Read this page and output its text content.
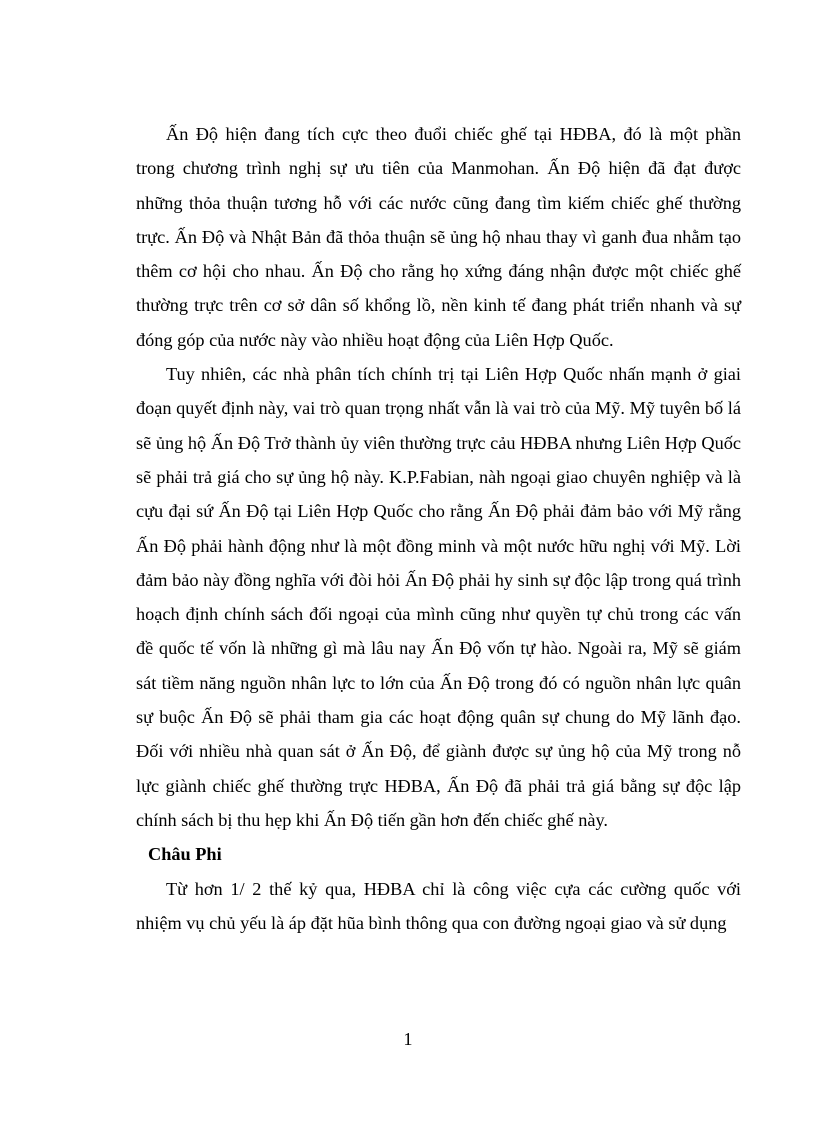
Ấn Độ hiện đang tích cực theo đuổi chiếc ghế tại HĐBA, đó là một phần trong chương trình nghị sự ưu tiên của Manmohan. Ấn Độ hiện đã đạt được những thỏa thuận tương hỗ với các nước cũng đang tìm kiếm chiếc ghế thường trực. Ấn Độ và Nhật Bản đã thỏa thuận sẽ ủng hộ nhau thay vì ganh đua nhằm tạo thêm cơ hội cho nhau. Ấn Độ cho rằng họ xứng đáng nhận được một chiếc ghế thường trực trên cơ sở dân số khổng lồ, nền kinh tế đang phát triển nhanh và sự đóng góp của nước này vào nhiều hoạt động của Liên Hợp Quốc.

Tuy nhiên, các nhà phân tích chính trị tại Liên Hợp Quốc nhấn mạnh ở giai đoạn quyết định này, vai trò quan trọng nhất vẫn là vai trò của Mỹ. Mỹ tuyên bố lá sẽ ủng hộ Ấn Độ Trở thành ủy viên thường trực cảu HĐBA nhưng Liên Hợp Quốc sẽ phải trả giá cho sự ủng hộ này. K.P.Fabian, nàh ngoại giao chuyên nghiệp và là cựu đại sứ Ấn Độ tại Liên Hợp Quốc cho rằng Ấn Độ phải đảm bảo với Mỹ rằng Ấn Độ phải hành động như là một đồng minh và một nước hữu nghị với Mỹ. Lời đảm bảo này đồng nghĩa với đòi hỏi Ấn Độ phải hy sinh sự độc lập trong quá trình hoạch định chính sách đối ngoại của mình cũng như quyền tự chủ trong các vấn đề quốc tế vốn là những gì mà lâu nay Ấn Độ vốn tự hào. Ngoài ra, Mỹ sẽ giám sát tiềm năng nguồn nhân lực to lớn của Ấn Độ trong đó có nguồn nhân lực quân sự buộc Ấn Độ sẽ phải tham gia các hoạt động quân sự chung do Mỹ lãnh đạo. Đối với nhiều nhà quan sát ở Ấn Độ, để giành được sự ủng hộ của Mỹ trong nỗ lực giành chiếc ghế thường trực HĐBA, Ấn Độ đã phải trả giá bằng sự độc lập chính sách bị thu hẹp khi Ấn Độ tiến gần hơn đến chiếc ghế này.

Châu Phi

Từ hơn 1/ 2 thế kỷ qua, HĐBA chỉ là công việc cựa các cường quốc với nhiệm vụ chủ yếu là áp đặt hũa bình thông qua con đường ngoại giao và sử dụng

1
